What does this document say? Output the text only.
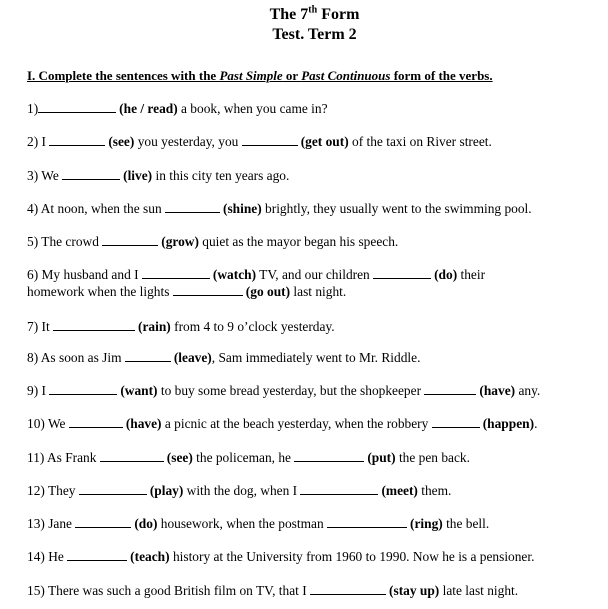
The 7th Form
Test. Term 2
I. Complete the sentences with the Past Simple or Past Continuous form of the verbs.
1)	(he / read) a book, when you came in?
2) I	(see) you yesterday, you	(get out) of the taxi on River street.
3) We	(live) in this city ten years ago.
4) At noon, when the sun	(shine) brightly, they usually went to the swimming pool.
5) The crowd	(grow) quiet as the mayor began his speech.
6) My husband and I	(watch) TV, and our children	(do) their
homework when the lights	(go out) last night.
7) It	(rain) from 4 to 9 o’clock yesterday.
8) As soon as Jim	(leave), Sam immediately went to Mr. Riddle.
9) I	(want) to buy some bread yesterday, but the shopkeeper	(have) any.
10) We	(have) a picnic at the beach yesterday, when the robbery	(happen).
11) As Frank	(see) the policeman, he	(put) the pen back.
12) They	(play) with the dog, when I	(meet) them.
13) Jane	(do) housework, when the postman	(ring) the bell.
14) He	(teach) history at the University from 1960 to 1990. Now he is a pensioner.
15) There was such a good British film on TV, that I	(stay up) late last night.
